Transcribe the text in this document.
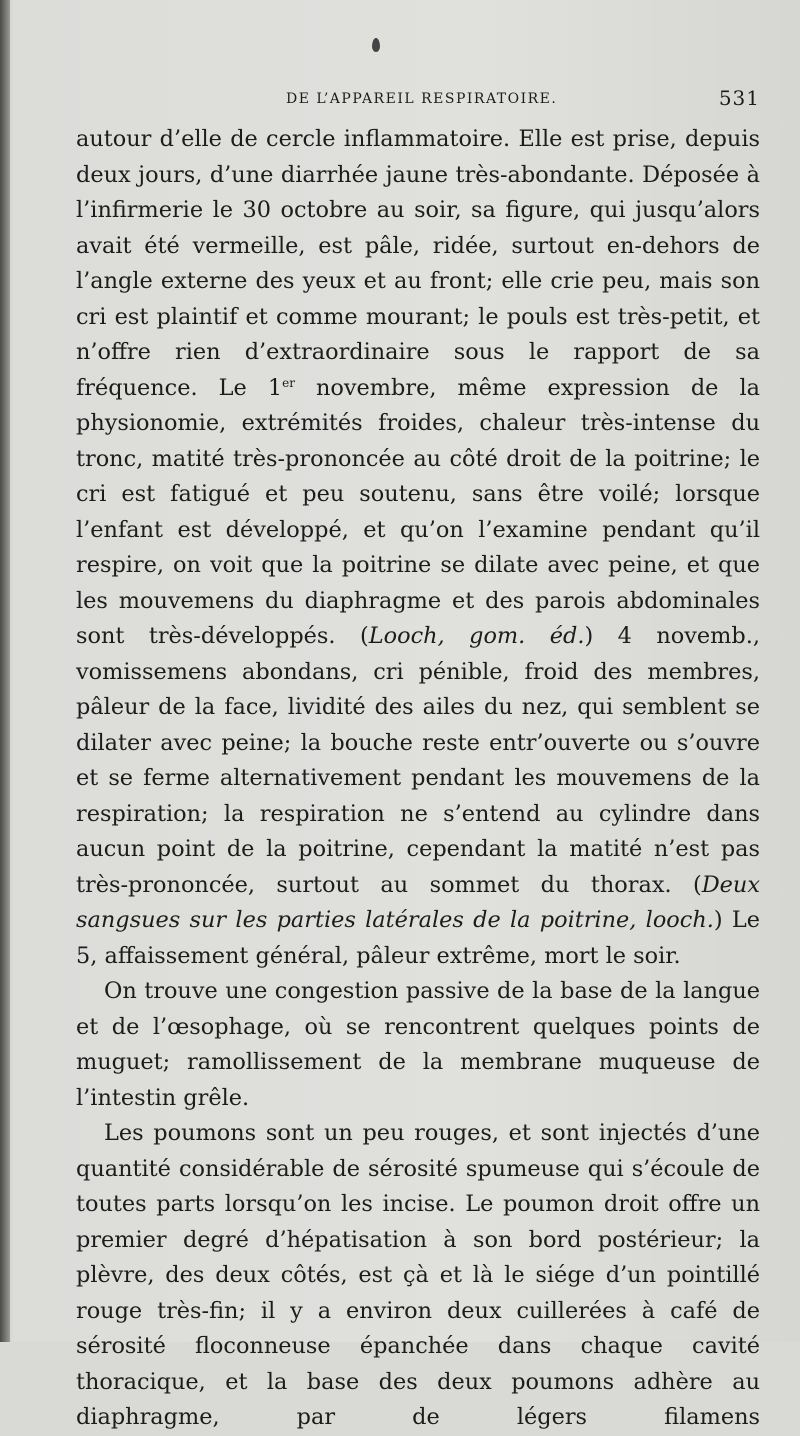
DE L’APPAREIL RESPIRATOIRE.	531

autour d’elle de cercle inflammatoire. Elle est prise, depuis deux jours, d’une diarrhée jaune très-abondante. Déposée à l’infirmerie le 30 octobre au soir, sa figure, qui jusqu’alors avait été vermeille, est pâle, ridée, surtout en-dehors de l’angle externe des yeux et au front; elle crie peu, mais son cri est plaintif et comme mourant; le pouls est très-petit, et n’offre rien d’extraordinaire sous le rapport de sa fréquence. Le 1er novembre, même expression de la physionomie, extrémités froides, chaleur très-intense du tronc, matité très-prononcée au côté droit de la poitrine; le cri est fatigué et peu soutenu, sans être voilé; lorsque l’enfant est développé, et qu’on l’examine pendant qu’il respire, on voit que la poitrine se dilate avec peine, et que les mouvemens du diaphragme et des parois abdominales sont très-développés. (Looch, gom. éd.) 4 novemb., vomissemens abondans, cri pénible, froid des membres, pâleur de la face, lividité des ailes du nez, qui semblent se dilater avec peine; la bouche reste entr’ouverte ou s’ouvre et se ferme alternativement pendant les mouvemens de la respiration; la respiration ne s’entend au cylindre dans aucun point de la poitrine, cependant la matité n’est pas très-prononcée, surtout au sommet du thorax. (Deux sangsues sur les parties latérales de la poitrine, looch.) Le 5, affaissement général, pâleur extrême, mort le soir.

On trouve une congestion passive de la base de la langue et de l’œsophage, où se rencontrent quelques points de muguet; ramollissement de la membrane muqueuse de l’intestin grêle.

Les poumons sont un peu rouges, et sont injectés d’une quantité considérable de sérosité spumeuse qui s’écoule de toutes parts lorsqu’on les incise. Le poumon droit offre un premier degré d’hépatisation à son bord postérieur; la plèvre, des deux côtés, est çà et là le siége d’un pointillé rouge très-fin; il y a environ deux cuillerées à café de sérosité floconneuse épanchée dans chaque cavité thoracique, et la base des deux poumons adhère au diaphragme, par de légers filamens
